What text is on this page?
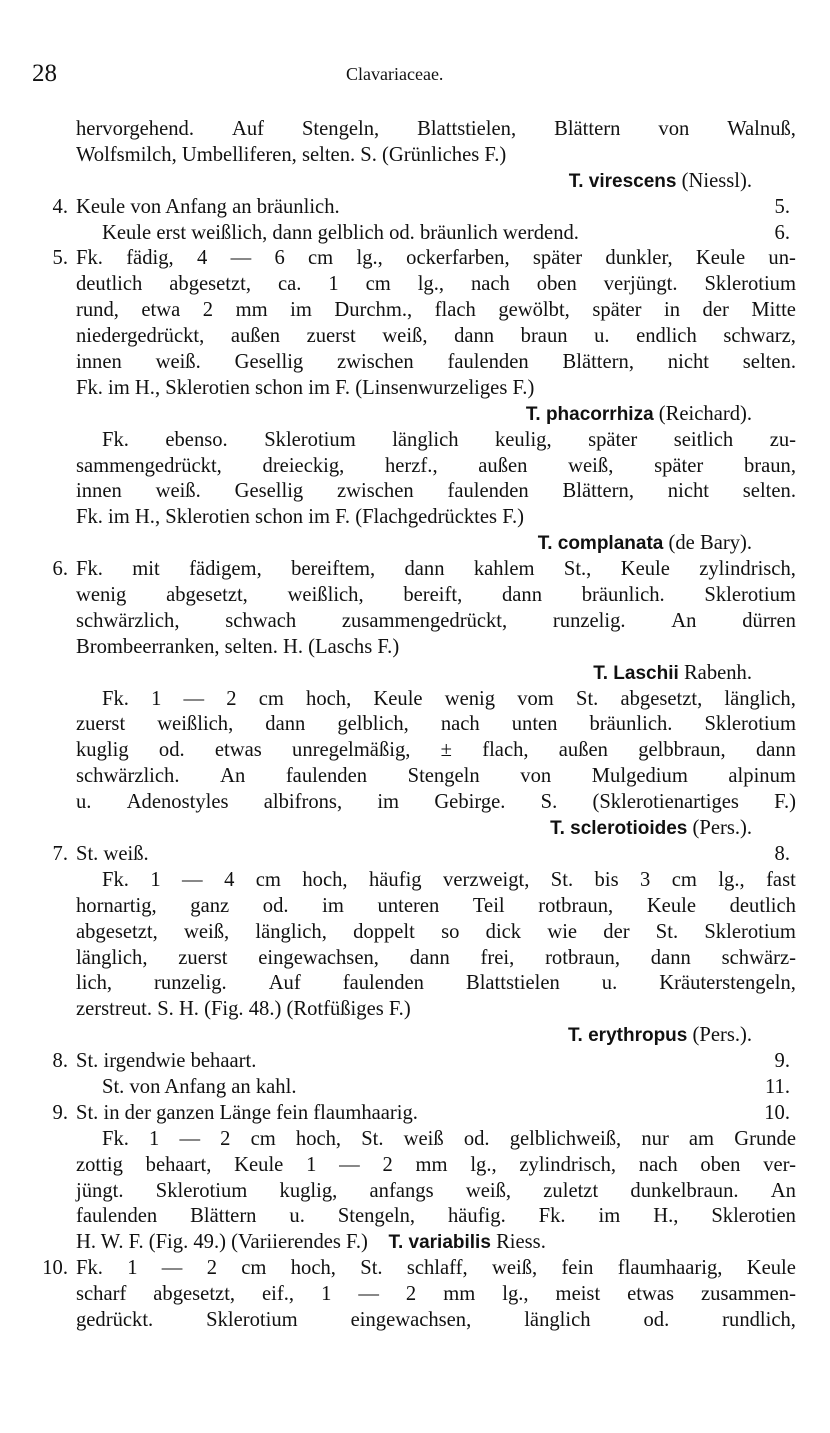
28	Clavariaceae.
hervorgehend. Auf Stengeln, Blattstielen, Blättern von Walnuß,
Wolfsmilch, Umbelliferen, selten. S. (Grünliches F.)
T. virescens (Niessl).
4. Keule von Anfang an bräunlich.	5.
Keule erst weißlich, dann gelblich od. bräunlich werdend.	6.
5. Fk. fädig, 4 — 6 cm lg., ockerfarben, später dunkler, Keule un-
deutlich abgesetzt, ca. 1 cm lg., nach oben verjüngt. Sklerotium
rund, etwa 2 mm im Durchm., flach gewölbt, später in der Mitte
niedergedrückt, außen zuerst weiß, dann braun u. endlich schwarz,
innen weiß. Gesellig zwischen faulenden Blättern, nicht selten.
Fk. im H., Sklerotien schon im F. (Linsenwurzeliges F.)
T. phacorrhiza (Reichard).
Fk. ebenso. Sklerotium länglich keulig, später seitlich zu-
sammengedrückt, dreieckig, herzf., außen weiß, später braun,
innen weiß. Gesellig zwischen faulenden Blättern, nicht selten.
Fk. im H., Sklerotien schon im F. (Flachgedrücktes F.)
T. complanata (de Bary).
6. Fk. mit fädigem, bereiftem, dann kahlem St., Keule zylindrisch,
wenig abgesetzt, weißlich, bereift, dann bräunlich. Sklerotium
schwärzlich, schwach zusammengedrückt, runzelig. An dürren
Brombeerranken, selten. H. (Laschs F.)
T. Laschii Rabenh.
Fk. 1 — 2 cm hoch, Keule wenig vom St. abgesetzt, länglich,
zuerst weißlich, dann gelblich, nach unten bräunlich. Sklerotium
kuglig od. etwas unregelmäßig, ± flach, außen gelbbraun, dann
schwärzlich. An faulenden Stengeln von Mulgedium alpinum
u. Adenostyles albifrons, im Gebirge. S. (Sklerotienartiges F.)
T. sclerotioides (Pers.).
7. St. weiß.	8.
Fk. 1 — 4 cm hoch, häufig verzweigt, St. bis 3 cm lg., fast
hornartig, ganz od. im unteren Teil rotbraun, Keule deutlich
abgesetzt, weiß, länglich, doppelt so dick wie der St. Sklerotium
länglich, zuerst eingewachsen, dann frei, rotbraun, dann schwärz-
lich, runzelig. Auf faulenden Blattstielen u. Kräuterstengeln,
zerstreut. S. H. (Fig. 48.) (Rotfüßiges F.)
T. erythropus (Pers.).
8. St. irgendwie behaart.	9.
St. von Anfang an kahl.	11.
9. St. in der ganzen Länge fein flaumhaarig.	10.
Fk. 1 — 2 cm hoch, St. weiß od. gelblichweiß, nur am Grunde
zottig behaart, Keule 1 — 2 mm lg., zylindrisch, nach oben ver-
jüngt. Sklerotium kuglig, anfangs weiß, zuletzt dunkelbraun. An
faulenden Blättern u. Stengeln, häufig. Fk. im H., Sklerotien
H. W. F. (Fig. 49.) (Variierendes F.)  T. variabilis Riess.
10. Fk. 1 — 2 cm hoch, St. schlaff, weiß, fein flaumhaarig, Keule
scharf abgesetzt, eif., 1 — 2 mm lg., meist etwas zusammen-
gedrückt.	Sklerotium	eingewachsen,	länglich	od.	rundlich,
